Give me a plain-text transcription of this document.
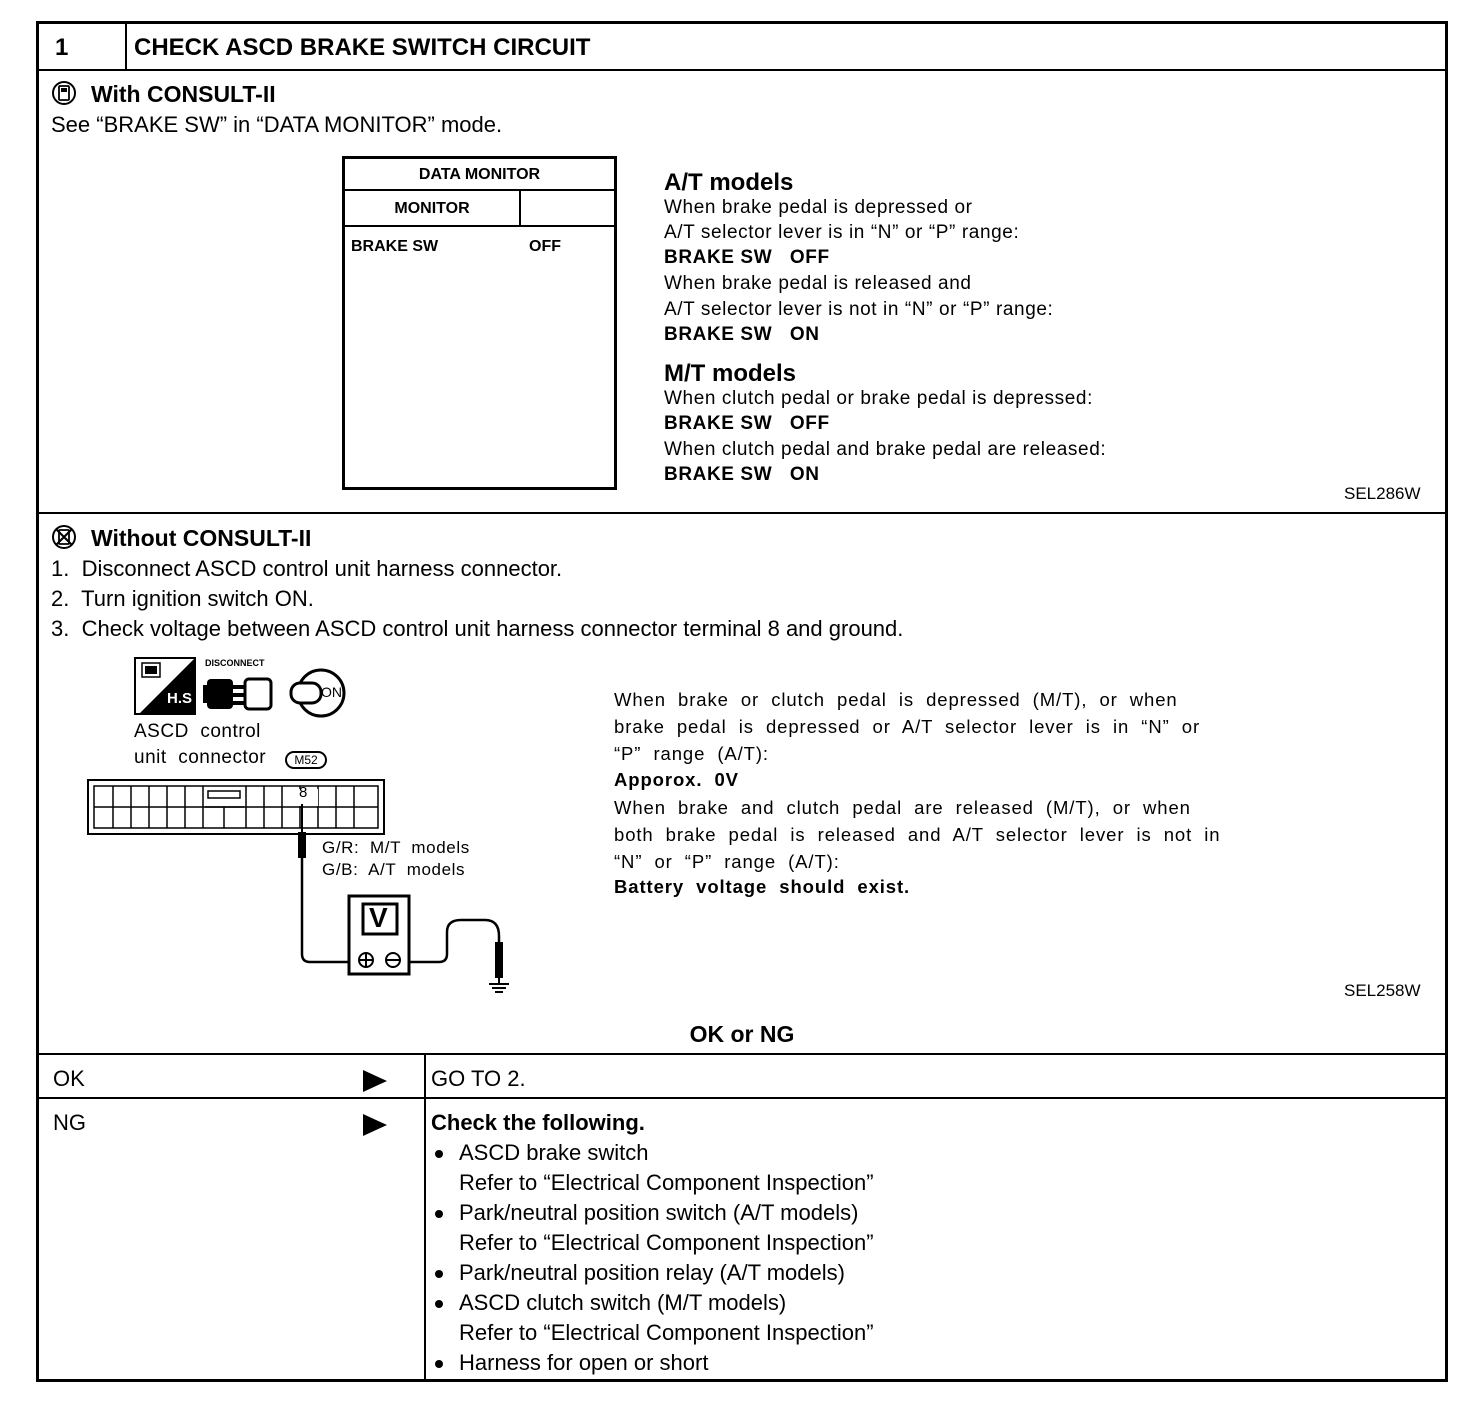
1	CHECK ASCD BRAKE SWITCH CIRCUIT
With CONSULT-II
See “BRAKE SW” in “DATA MONITOR” mode.
DATA MONITOR
MONITOR
BRAKE SW	OFF
A/T models
When brake pedal is depressed or
A/T selector lever is in “N” or “P” range:
BRAKE SW   OFF
When brake pedal is released and
A/T selector lever is not in “N” or “P” range:
BRAKE SW   ON
M/T models
When clutch pedal or brake pedal is depressed:
BRAKE SW   OFF
When clutch pedal and brake pedal are released:
BRAKE SW   ON
SEL286W
Without CONSULT-II
1.  Disconnect ASCD control unit harness connector.
2.  Turn ignition switch ON.
3.  Check voltage between ASCD control unit harness connector terminal 8 and ground.
H.S
DISCONNECT
ON
ASCD  control
unit  connector	M52
8
V
G/R:  M/T  models
G/B:  A/T  models
When  brake  or  clutch  pedal  is  depressed  (M/T),  or  when
brake  pedal  is  depressed  or  A/T  selector  lever  is  in  “N”  or
“P”  range  (A/T):
Apporox.  0V
When  brake  and  clutch  pedal  are  released  (M/T),  or  when
both  brake  pedal  is  released  and  A/T  selector  lever  is  not  in
“N”  or  “P”  range  (A/T):
Battery  voltage  should  exist.
SEL258W
OK or NG
OK	GO TO 2.
NG	Check the following.
ASCD brake switch
Refer to “Electrical Component Inspection”
Park/neutral position switch (A/T models)
Refer to “Electrical Component Inspection”
Park/neutral position relay (A/T models)
ASCD clutch switch (M/T models)
Refer to “Electrical Component Inspection”
Harness for open or short
